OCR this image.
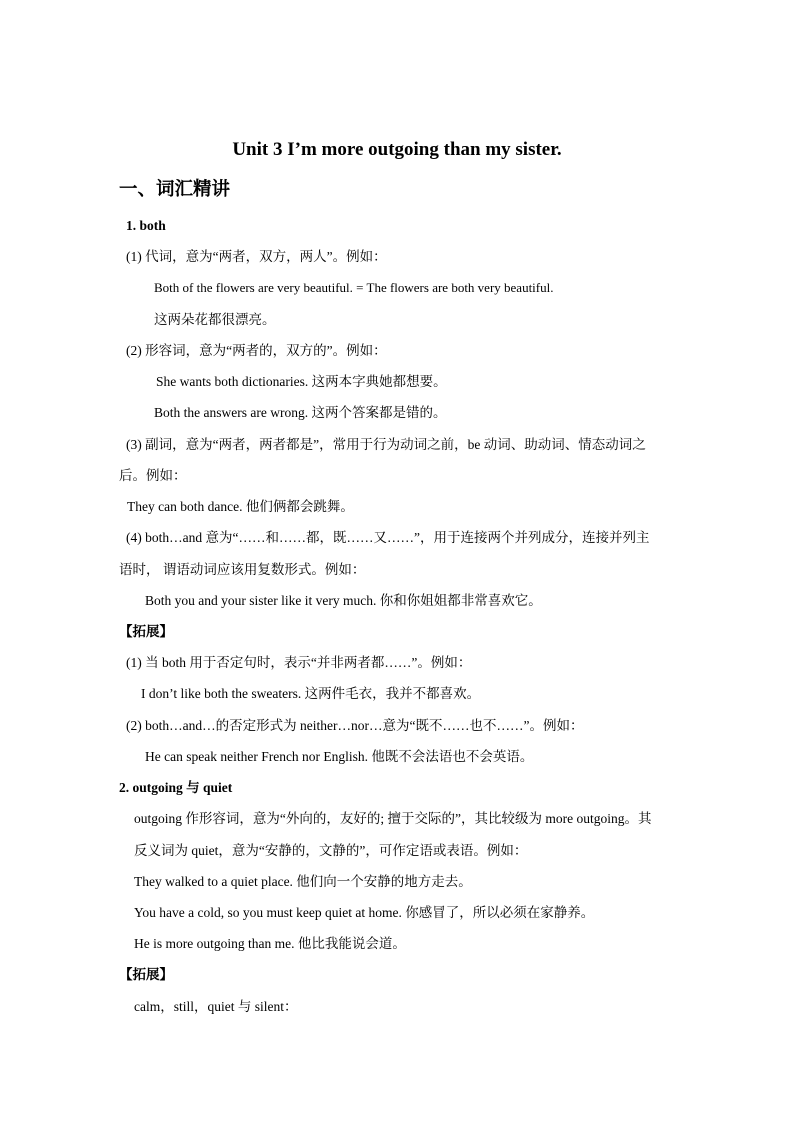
Unit 3 I’m more outgoing than my sister.
一、词汇精讲
1. both
(1) 代词，意为“两者，双方，两人”。例如：
Both of the flowers are very beautiful. = The flowers are both very beautiful.
这两朵花都很漂亮。
(2) 形容词，意为“两者的，双方的”。例如：
She wants both dictionaries. 这两本字典她都想要。
Both the answers are wrong. 这两个答案都是错的。
(3) 副词，意为“两者，两者都是”，常用于行为动词之前，be 动词、助动词、情态动词之
后。例如：
They can both dance. 他们俩都会跳舞。
(4) both…and 意为“……和……都，既……又……”，用于连接两个并列成分，连接并列主
语时， 谓语动词应该用复数形式。例如：
Both you and your sister like it very much. 你和你姐姐都非常喜欢它。
【拓展】
(1) 当 both 用于否定句时，表示“并非两者都……”。例如：
I don’t like both the sweaters. 这两件毛衣，我并不都喜欢。
(2) both…and…的否定形式为 neither…nor…意为“既不……也不……”。例如：
He can speak neither French nor English. 他既不会法语也不会英语。
2. outgoing 与 quiet
outgoing 作形容词，意为“外向的，友好的; 擅于交际的”，其比较级为 more outgoing。其
反义词为 quiet，意为“安静的，文静的”，可作定语或表语。例如：
They walked to a quiet place. 他们向一个安静的地方走去。
You have a cold, so you must keep quiet at home. 你感冒了，所以必须在家静养。
He is more outgoing than me. 他比我能说会道。
【拓展】
calm，still，quiet 与 silent：
